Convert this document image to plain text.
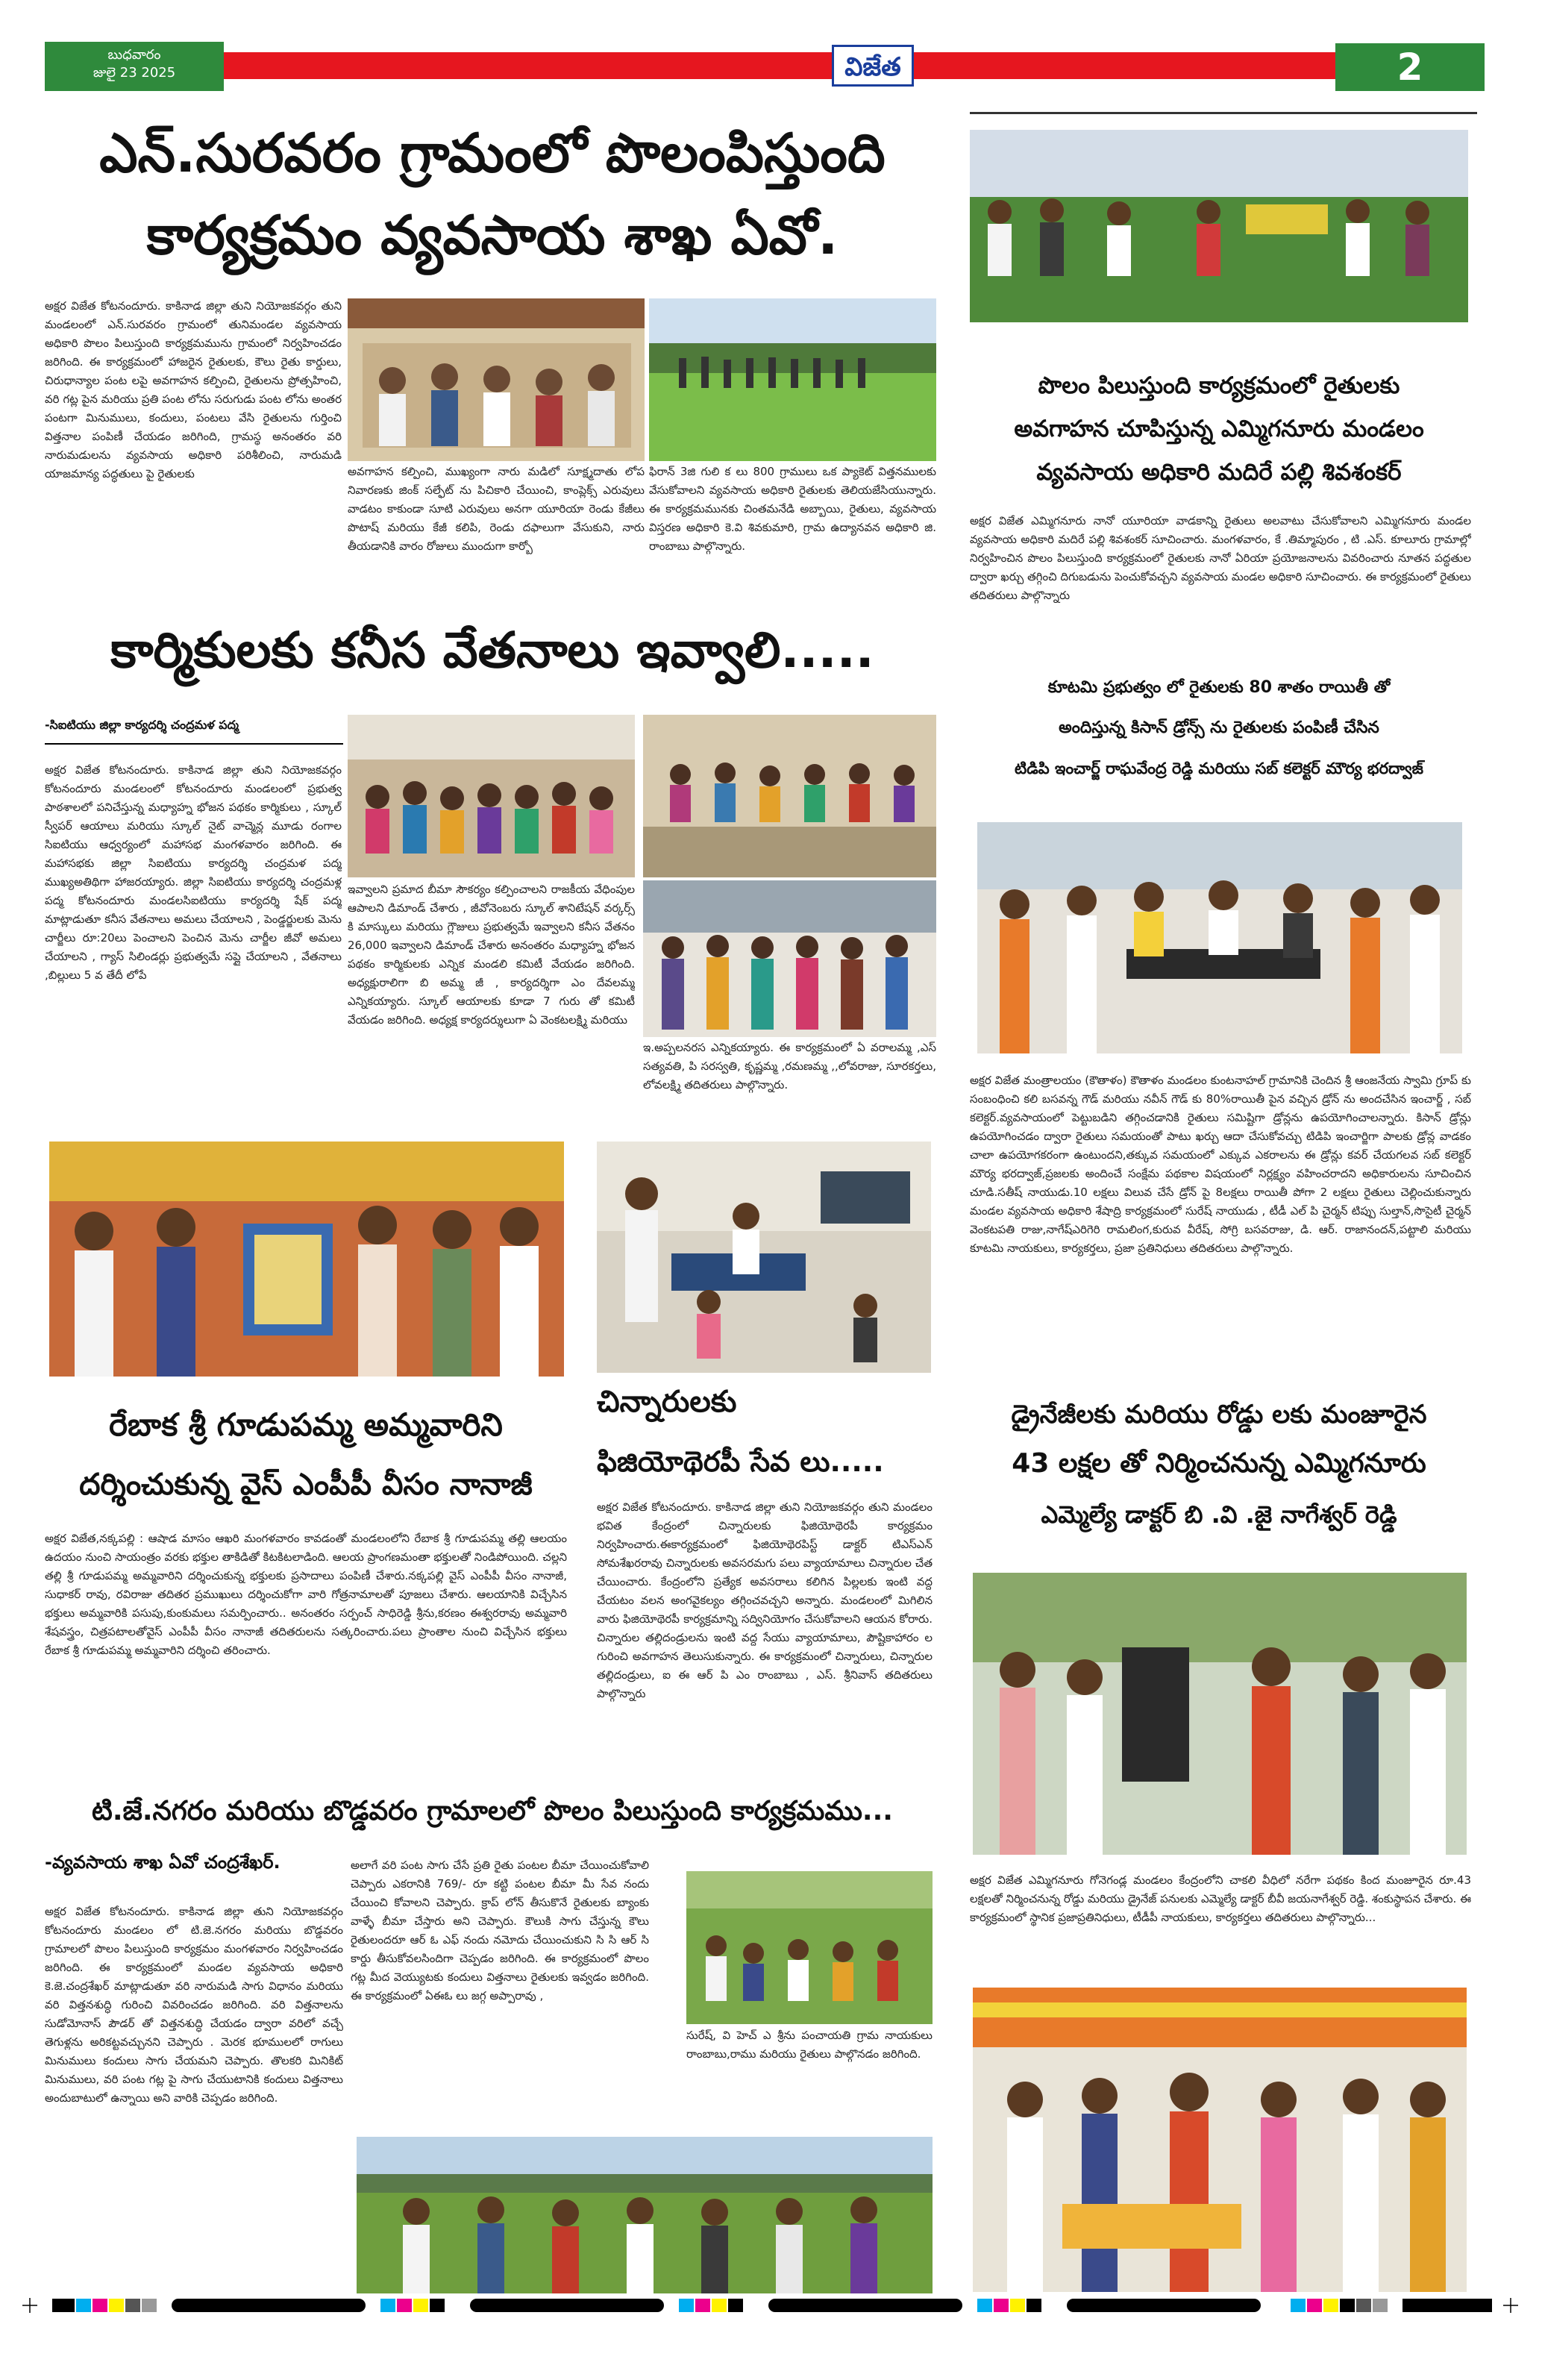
బుధవారం
జులై 23 2025	విజేత	2
ఎన్.సురవరం గ్రామంలో పొలంపిస్తుంది
కార్యక్రమం వ్యవసాయ శాఖ ఏవో.
అక్షర విజేత కోటనందూరు. కాకినాడ జిల్లా తుని నియోజకవర్గం తుని మండలంలో ఎన్.సురవరం గ్రామంలో తునిమండల వ్యవసాయ అధికారి పొలం పిలుస్తుంది కార్యక్రమమును గ్రామంలో నిర్వహించడం జరిగింది. ఈ కార్యక్రమంలో హాజరైన రైతులకు, కౌలు రైతు కార్డులు, చిరుధాన్యాల పంట లపై అవగాహన కల్పించి, రైతులను ప్రోత్సహించి, వరి గట్ల పైన మరియు ప్రతి పంట లోను సరుగుడు పంట లోను అంతర పంటగా మినుములు, కందులు, పంటలు వేసి రైతులను గుర్తించి విత్తనాల పంపిణీ చేయడం జరిగింది, గ్రామస్థ అనంతరం వరి నారుమడులను వ్యవసాయ అధికారి పరిశీలించి, నారుమడి యాజమాన్య పద్ధతులు పై రైతులకు	అవగాహన కల్పించి, ముఖ్యంగా నారు మడిలో సూక్ష్మదాతు లోప నివారణకు జింక్ సల్ఫేట్ ను పిచికారి చేయించి, కాంప్లెక్స్ ఎరువులు వాడటం కాకుండా సూటి ఎరువులు అనగా యూరియా రెండు కేజీలు పొటాష్ మరియు కేజీ కలిపి, రెండు దఫాలుగా వేసుకుని, నారు తీయడానికి వారం రోజులు ముందుగా కార్బో
ఫిరాన్ 3జి గులి క లు 800 గ్రాములు ఒక ప్యాకెట్ విత్తనములకు వేసుకోవాలని వ్యవసాయ అధికారి రైతులకు తెలియజేసియున్నారు. ఈ కార్యక్రమమునకు చింతమనేడి అబ్బాయి, రైతులు, వ్యవసాయ విస్తరణ అధికారి కె.వి శివకుమారి, గ్రామ ఉద్యానవన అధికారి జి. రాంబాబు పాల్గొన్నారు.
కార్మికులకు కనీస వేతనాలు ఇవ్వాలి.....
-సిఐటియు జిల్లా కార్యదర్శి చంద్రమళ పద్మ
అక్షర విజేత కోటనందూరు. కాకినాడ జిల్లా తుని నియోజకవర్గం కోటనందూరు మండలంలో కోటనందూరు మండలంలో ప్రభుత్వ పాఠశాలలో పనిచేస్తున్న మధ్యాహ్న భోజన పథకం కార్మికులు , స్కూల్ స్వీపర్ ఆయాలు మరియు స్కూల్ నైట్ వాచ్మెన్ల మూడు రంగాల సిఐటియు ఆధ్వర్యంలో మహాసభ మంగళవారం జరిగింది. ఈ మహాసభకు జిల్లా సిఐటియు కార్యదర్శి చంద్రమళ పద్మ ముఖ్యఅతిథిగా హాజరయ్యారు. జిల్లా సిఐటియు కార్యదర్శి చంద్రమళ్ల పద్మ కోటనందూరు మండలసిఐటియు కార్యదర్శి షేక్ పద్మ మాట్లాడుతూ కనీస వేతనాలు అమలు చేయాలని , పెండ్డర్జులకు మెను చార్జీలు రూ:20లు పెంచాలని పెంచిన మెను చార్జీల జీవో అమలు చేయాలని , గ్యాస్ సిలిండర్లు ప్రభుత్వమే సప్లై చేయాలని , వేతనాలు ,బిల్లులు 5 వ తేదీ లోపే
ఇవ్వాలని ప్రమాద బీమా సౌకర్యం కల్పించాలని రాజకీయ వేధింపుల ఆపాలని డిమాండ్ చేశారు , జీవోనెంబరు స్కూల్ శానిటేషన్ వర్కర్స్ కి మాస్కులు మరియు గ్లౌజులు ప్రభుత్వమే ఇవ్వాలని కనీస వేతనం 26,000 ఇవ్వాలని డిమాండ్ చేశారు అనంతరం మధ్యాహ్న భోజన పథకం కార్మికులకు ఎన్నిక మండలి కమిటీ వేయడం జరిగింది. అధ్యక్షురాలిగా బి అమ్మ జీ , కార్యదర్శిగా ఎం దేవలమ్మ ఎన్నికయ్యారు. స్కూల్ ఆయాలకు కూడా 7 గురు తో కమిటీ వేయడం జరిగింది. అధ్యక్ష కార్యదర్శులుగా ఏ వెంకటలక్ష్మి మరియు
ఇ.అప్పలనరస ఎన్నికయ్యారు. ఈ కార్యక్రమంలో ఏ వరాలమ్మ ,ఎస్ సత్యవతి, పి సరస్వతి, కృష్ణమ్మ ,రమణమ్మ ,,లోవరాజు, సూరకర్తలు, లోవలక్ష్మి తదితరులు పాల్గొన్నారు.
రేబాక శ్రీ గూడుపమ్మ అమ్మవారిని
దర్శించుకున్న వైస్ ఎంపీపీ వీసం నానాజీ
అక్షర విజేత,నక్కపల్లి : ఆషాడ మాసం ఆఖరి మంగళవారం కావడంతో మండలంలోని రేబాక శ్రీ గూడుపమ్మ తల్లి ఆలయం ఉదయం నుంచి సాయంత్రం వరకు భక్తుల తాకిడితో కిటకిటలాడింది. ఆలయ ప్రాంగణమంతా భక్తులతో నిండిపోయింది. చల్లని తల్లి శ్రీ గూడుపమ్మ అమ్మవారిని దర్శించుకున్న భక్తులకు ప్రసాదాలు పంపిణీ చేశారు.నక్కపల్లి వైస్ ఎంపీపీ వీసం నానాజీ, సుధాకర్ రావు, రవిరాజు తదితర ప్రముఖులు దర్శించుకోగా వారి గోత్రనామాలతో పూజలు చేశారు. ఆలయానికి విచ్చేసిన భక్తులు అమ్మవారికి పసుపు,కుంకుమలు సమర్పించారు.. అనంతరం సర్పంచ్ సాధిరెడ్డి శ్రీను,కరణం ఈశ్వరరావు అమ్మవారి శేషవస్త్రం, చిత్రపటాలతోవైస్ ఎంపీపీ వీసం నానాజీ తదితరులను సత్కరించారు.పలు ప్రాంతాల నుంచి విచ్చేసిన భక్తులు రేబాక శ్రీ గూడుపమ్మ అమ్మవారిని దర్శించి తరించారు.
చిన్నారులకు
ఫిజియోథెరపీ సేవ లు.....
అక్షర విజేత కోటనందూరు. కాకినాడ జిల్లా తుని నియోజకవర్గం తుని మండలం భవిత కేంద్రంలో చిన్నారులకు ఫిజియోథెరపీ కార్యక్రమం నిర్వహించారు.ఈకార్యక్రమంలో ఫిజియోథెరపిస్ట్ డాక్టర్ టిఎస్ఎన్ సోమశేఖరరావు చిన్నారులకు అవసరమగు పలు వ్యాయామాలు చిన్నారుల చేత చేయించారు. కేంద్రంలోని ప్రత్యేక అవసరాలు కలిగిన పిల్లలకు ఇంటి వద్ద చేయటం వలన అంగవైకల్యం తగ్గించవచ్చని అన్నారు. మండలంలో మిగిలిన వారు ఫిజియోథెరపీ కార్యక్రమాన్ని సద్వినియోగం చేసుకోవాలని ఆయన కోరారు. చిన్నారుల తల్లిదండ్రులను ఇంటి వద్ద సేయు వ్యాయామాలు, పౌష్టికాహారం ల గురించి అవగాహన తెలుసుకున్నారు. ఈ కార్యక్రమంలో చిన్నారులు, చిన్నారుల తల్లిదండ్రులు, ఐ ఈ ఆర్ పి ఎం రాంబాబు , ఎస్. శ్రీనివాస్ తదితరులు పాల్గొన్నారు
టి.జే.నగరం మరియు బొడ్డవరం గ్రామాలలో పొలం పిలుస్తుంది కార్యక్రమము...
-వ్యవసాయ శాఖ ఏవో చంద్రశేఖర్.
అక్షర విజేత కోటనందూరు. కాకినాడ జిల్లా తుని నియోజకవర్గం కోటనందూరు మండలం లో టి.జె.నగరం మరియు బొడ్డవరం గ్రామాలలో పొలం పిలుస్తుంది కార్యక్రమం మంగళవారం నిర్వహించడం జరిగింది. ఈ కార్యక్రమంలో మండల వ్యవసాయ అధికారి కె.జె.చంద్రశేఖర్ మాట్లాడుతూ వరి నారుమడి సాగు విధానం మరియు వరి విత్తనశుద్ధి గురించి వివరించడం జరిగింది. వరి విత్తనాలను సుడోమోనాస్ పౌడర్ తో విత్తనశుద్ధి చేయడం ద్వారా వరిలో వచ్చే తెగుళ్లను అరికట్టవచ్చునని చెప్పారు . మెరక భూములలో రాగులు మినుములు కందులు సాగు చేయమని చెప్పారు. తొలకరి మినికిట్ మినుములు, వరి పంట గట్ల పై సాగు చేయుటానికి కందులు విత్తనాలు అందుబాటులో ఉన్నాయి అని వారికి చెప్పడం జరిగింది.
అలాగే వరి పంట సాగు చేసే ప్రతి రైతు పంటల బీమా చేయించుకోవాలి చెప్పారు ఎకరానికి 769/- రూ కట్టి పంటల బీమా మీ సేవ నందు చేయించి కోవాలని చెప్పారు. క్రాప్ లోన్ తీసుకొనే రైతులకు బ్యాంకు వాళ్ళే బీమా చేస్తారు అని చెప్పారు. కౌలుకి సాగు చేస్తున్న కౌలు రైతులందరూ ఆర్ ఓ ఎఫ్ నందు నమోదు చేయించుకుని సి సి ఆర్ సి కార్డు తీసుకోవలసిందిగా చెప్పడం జరిగింది. ఈ కార్యక్రమంలో పొలం గట్ల మీద వెయ్యుటకు కందులు విత్తనాలు రైతులకు ఇవ్వడం జరిగింది. ఈ కార్యక్రమంలో ఏఈఓ లు జగ్గ అప్పారావు ,
సురేష్, వి హెచ్ ఎ శ్రీను పంచాయతి గ్రామ నాయకులు రాంబాబు,రాము మరియు రైతులు పాల్గొనడం జరిగింది.
పొలం పిలుస్తుంది కార్యక్రమంలో రైతులకు
అవగాహన చూపిస్తున్న ఎమ్మిగనూరు మండలం
వ్యవసాయ అధికారి మదిరే పల్లి శివశంకర్
అక్షర విజేత ఎమ్మిగనూరు నానో యూరియా వాడకాన్ని రైతులు అలవాటు చేసుకోవాలని ఎమ్మిగనూరు మండల వ్యవసాయ అధికారి మదిరే పల్లి శివశంకర్ సూచించారు. మంగళవారం, కే .తిమ్మాపురం , టి .ఎస్. కూలూరు గ్రామాల్లో నిర్వహించిన పొలం పిలుస్తుంది కార్యక్రమంలో రైతులకు నానో ఏరియా ప్రయోజనాలను వివరించారు నూతన పద్ధతుల ద్వారా ఖర్చు తగ్గించి దిగుబడును పెంచుకోవచ్చని వ్యవసాయ మండల అధికారి సూచించారు. ఈ కార్యక్రమంలో రైతులు తదితరులు పాల్గొన్నారు
కూటమి ప్రభుత్వం లో రైతులకు 80 శాతం రాయితీ తో
అందిస్తున్న కిసాన్ డ్రోన్స్ ను రైతులకు పంపిణీ చేసిన
టిడిపి ఇంచార్జ్ రాఘవేంద్ర రెడ్డి మరియు సబ్ కలెక్టర్ మౌర్య భరద్వాజ్
అక్షర విజేత మంత్రాలయం (కౌతాళం) కౌతాళం మండలం కుంటనాహల్ గ్రామానికి చెందిన శ్రీ ఆంజనేయ స్వామి గ్రూప్ కు సంబంధించి కలి బసవన్న గౌడ్ మరియు నవీన్ గౌడ్ కు 80%రాయితీ పైన వచ్చిన డ్రోన్ ను అందచేసిన ఇంచార్జ్ , సబ్ కలెక్టర్.వ్యవసాయంలో పెట్టుబడిని తగ్గించడానికి రైతులు సమిష్టిగా డ్రోన్లను ఉపయోగించాలన్నారు. కిసాన్ డ్రోన్లు ఉపయోగించడం ద్వారా రైతులు సమయంతో పాటు ఖర్చు ఆదా చేసుకోవచ్చు టిడిపి ఇంచార్జిగా పాలకు డ్రోన్ల వాడకం చాలా ఉపయోగకరంగా ఉంటుందని,తక్కువ సమయంలో ఎక్కువ ఎకరాలను ఈ డ్రోన్లు కవర్ చేయగలవ సబ్ కలెక్టర్ మౌర్య భరద్వాజ్,ప్రజలకు అందించే సంక్షేమ పథకాల విషయంలో నిర్లక్ష్యం వహించరాదని అధికారులను సూచించిన చూడి.సతీష్ నాయుడు.10 లక్షలు విలువ చేసే డ్రోన్ పై 8లక్షలు రాయితీ పోగా 2 లక్షలు రైతులు చెల్లించుకున్నారు మండల వ్యవసాయ అధికారి శేషాద్రి కార్యక్రమంలో సురేష్ నాయుడు , టీడీ ఎల్ పి చైర్మన్ టిప్పు సుల్తాన్,సొసైటీ చైర్మన్ వెంకటపతి రాజు,నాగేష్ఎరిగెరి రామలింగ,కురువ వీరేష్, సోగ్రి బసవరాజు, డి. ఆర్. రాజానందన్,పట్టాలి మరియు కూటమి నాయకులు, కార్యకర్తలు, ప్రజా ప్రతినిధులు తదితరులు పాల్గొన్నారు.
డ్రైనేజీలకు మరియు రోడ్డు లకు మంజూరైన
43 లక్షల తో నిర్మించనున్న ఎమ్మిగనూరు
ఎమ్మెల్యే డాక్టర్ బి .వి .జై నాగేశ్వర్ రెడ్డి
అక్షర విజేత ఎమ్మిగనూరు గోనెగండ్ల మండలం కేంద్రంలోని చాకలి వీధిలో నరేగా పథకం కింద మంజూరైన రూ.43 లక్షలతో నిర్మించనున్న రోడ్డు మరియు డ్రైనేజ్ పనులకు ఎమ్మెల్యే డాక్టర్ బీవీ జయనాగేశ్వర్ రెడ్డి. శంకుస్థాపన చేశారు. ఈ కార్యక్రమంలో స్థానిక ప్రజాప్రతినిధులు, టీడీపీ నాయకులు, కార్యకర్తలు తదితరులు పాల్గొన్నారు...
